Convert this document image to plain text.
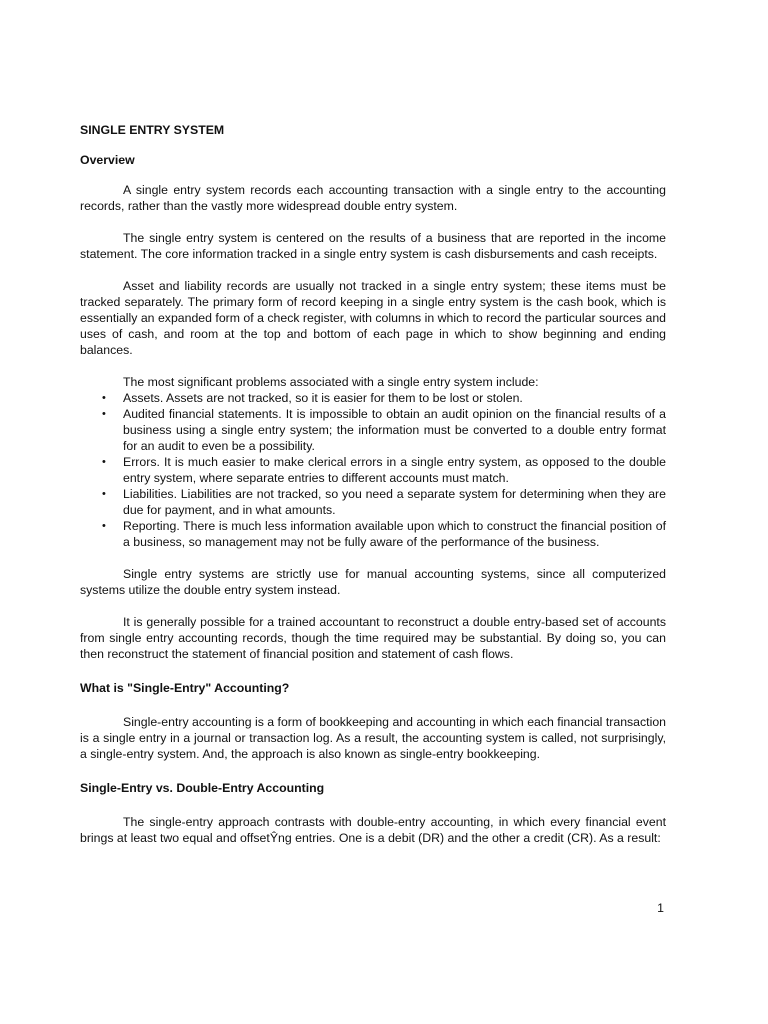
SINGLE ENTRY SYSTEM
Overview

A single entry system records each accounting transaction with a single entry to the accounting records, rather than the vastly more widespread double entry system.

The single entry system is centered on the results of a business that are reported in the income statement. The core information tracked in a single entry system is cash disbursements and cash receipts.

Asset and liability records are usually not tracked in a single entry system; these items must be tracked separately. The primary form of record keeping in a single entry system is the cash book, which is essentially an expanded form of a check register, with columns in which to record the particular sources and uses of cash, and room at the top and bottom of each page in which to show beginning and ending balances.

The most significant problems associated with a single entry system include:

• Assets. Assets are not tracked, so it is easier for them to be lost or stolen.
• Audited financial statements. It is impossible to obtain an audit opinion on the financial results of a business using a single entry system; the information must be converted to a double entry format for an audit to even be a possibility.
• Errors. It is much easier to make clerical errors in a single entry system, as opposed to the double entry system, where separate entries to different accounts must match.
• Liabilities. Liabilities are not tracked, so you need a separate system for determining when they are due for payment, and in what amounts.
• Reporting. There is much less information available upon which to construct the financial position of a business, so management may not be fully aware of the performance of the business.

Single entry systems are strictly use for manual accounting systems, since all computerized systems utilize the double entry system instead.

It is generally possible for a trained accountant to reconstruct a double entry-based set of accounts from single entry accounting records, though the time required may be substantial. By doing so, you can then reconstruct the statement of financial position and statement of cash flows.

What is "Single-Entry" Accounting?

Single-entry accounting is a form of bookkeeping and accounting in which each financial transaction is a single entry in a journal or transaction log. As a result, the accounting system is called, not surprisingly, a single-entry system. And, the approach is also known as single-entry bookkeeping.

Single-Entry vs. Double-Entry Accounting

The single-entry approach contrasts with double-entry accounting, in which every financial event brings at least two equal and offsetŶng entries. One is a debit (DR) and the other a credit (CR). As a result:

1
